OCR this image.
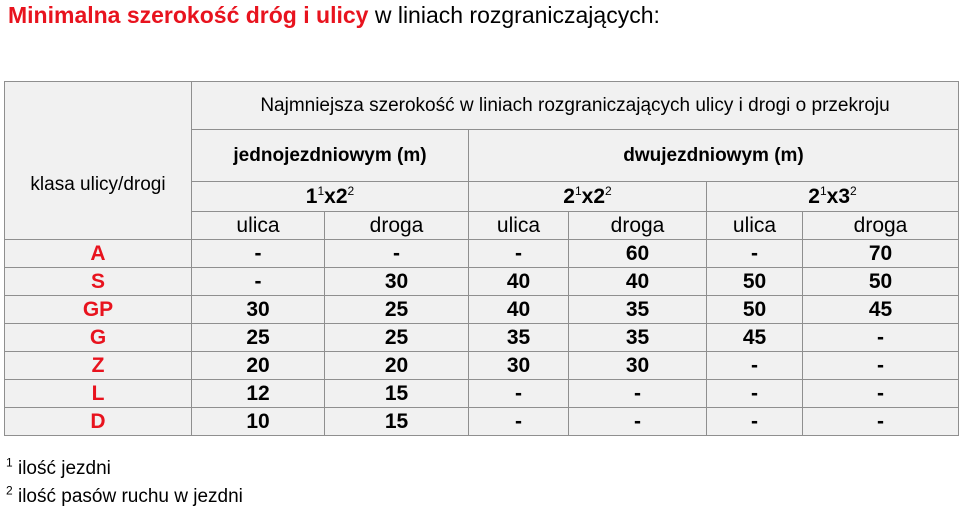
Minimalna szerokość dróg i ulicy w liniach rozgraniczających:
	Najmniejsza szerokość w liniach rozgraniczających ulicy i drogi o przekroju					
klasa ulicy/drogi	jednojezdniowym (m)		dwujezdniowym (m)			
	$1^1x2^2$		$2^1x2^2$		$2^1x3^2$
	ulica	droga	ulica	droga	ulica	droga
A	-	-	-	60	-	70
S	-	30	40	40	50	50
GP	30	25	40	35	50	45
G	25	25	35	35	45	-
Z	20	20	30	30	-	-
L	12	15	-	-	-	-
D	10	15	-	-	-	-
$^1$ ilość jezdni
$^2$ ilość pasów ruchu w jezdni
